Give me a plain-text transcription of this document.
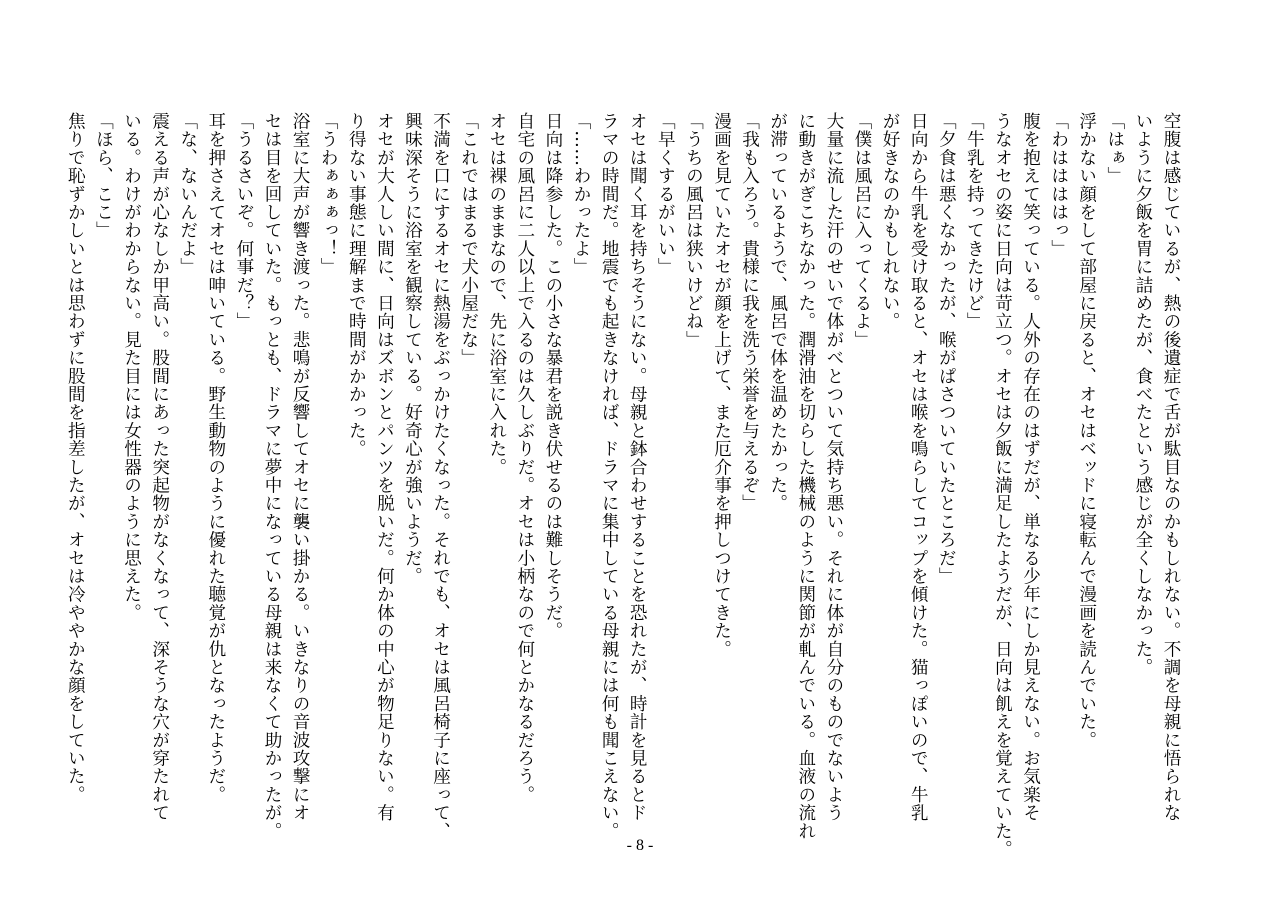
空腹は感じているが、熱の後遺症で舌が駄目なのかもしれない。不調を母親に悟られな
いように夕飯を胃に詰めたが、食べたという感じが全くしなかった。
「はぁ」
浮かない顔をして部屋に戻ると、オセはベッドに寝転んで漫画を読んでいた。
「わははははっ」
腹を抱えて笑っている。人外の存在のはずだが、単なる少年にしか見えない。お気楽そ
うなオセの姿に日向は苛立つ。オセは夕飯に満足したようだが、日向は飢えを覚えていた。
「牛乳を持ってきたけど」
「夕食は悪くなかったが、喉がぱさついていたところだ」
日向から牛乳を受け取ると、オセは喉を鳴らしてコップを傾けた。猫っぽいので、牛乳
が好きなのかもしれない。
「僕は風呂に入ってくるよ」
大量に流した汗のせいで体がべとついて気持ち悪い。それに体が自分のものでないよう
に動きがぎこちなかった。潤滑油を切らした機械のように関節が軋んでいる。血液の流れ
が滞っているようで、風呂で体を温めたかった。
「我も入ろう。貴様に我を洗う栄誉を与えるぞ」
漫画を見ていたオセが顔を上げて、また厄介事を押しつけてきた。
「うちの風呂は狭いけどね」
「早くするがいい」
オセは聞く耳を持ちそうにない。母親と鉢合わせすることを恐れたが、時計を見るとド
ラマの時間だ。地震でも起きなければ、ドラマに集中している母親には何も聞こえない。
「……わかったよ」
日向は降参した。この小さな暴君を説き伏せるのは難しそうだ。
自宅の風呂に二人以上で入るのは久しぶりだ。オセは小柄なので何とかなるだろう。
オセは裸のままなので、先に浴室に入れた。
「これではまるで犬小屋だな」
不満を口にするオセに熱湯をぶっかけたくなった。それでも、オセは風呂椅子に座って、
興味深そうに浴室を観察している。好奇心が強いようだ。
オセが大人しい間に、日向はズボンとパンツを脱いだ。何か体の中心が物足りない。有
り得ない事態に理解まで時間がかかった。
「うわぁぁぁっ！」
浴室に大声が響き渡った。悲鳴が反響してオセに襲い掛かる。いきなりの音波攻撃にオ
セは目を回していた。もっとも、ドラマに夢中になっている母親は来なくて助かったが。
「うるさいぞ。何事だ？」
耳を押さえてオセは呻いている。野生動物のように優れた聴覚が仇となったようだ。
「な、ないんだよ」
震える声が心なしか甲高い。股間にあった突起物がなくなって、深そうな穴が穿たれて
いる。わけがわからない。見た目には女性器のように思えた。
「ほら、ここ」
焦りで恥ずかしいとは思わずに股間を指差したが、オセは冷ややかな顔をしていた。
- 8 -
